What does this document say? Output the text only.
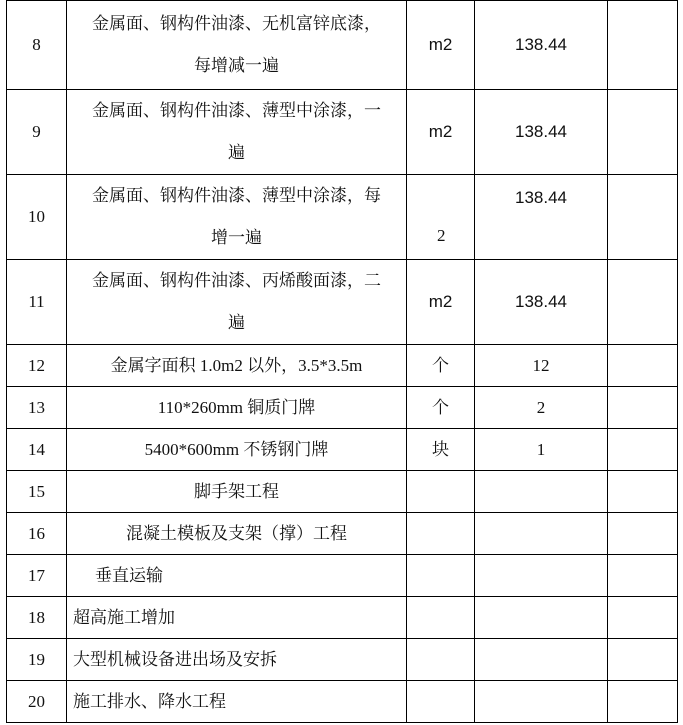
8	金属面、钢构件油漆、无机富锌底漆，
每增减一遍	m2	138.44	
9	金属面、钢构件油漆、薄型中涂漆，一
遍	m2	138.44	
10	金属面、钢构件油漆、薄型中涂漆，每
增一遍	2	138.44	

11	金属面、钢构件油漆、丙烯酸面漆，二
遍	m2	138.44	
12	金属字面积 1.0m2 以外，3.5*3.5m	个	12	
13	110*260mm 铜质门牌	个	2	
14	5400*600mm 不锈钢门牌	块	1	
15	脚手架工程			
16	混凝土模板及支架（撑）工程			
17	垂直运输			
18	超高施工增加			
19	大型机械设备进出场及安拆			
20	施工排水、降水工程			
